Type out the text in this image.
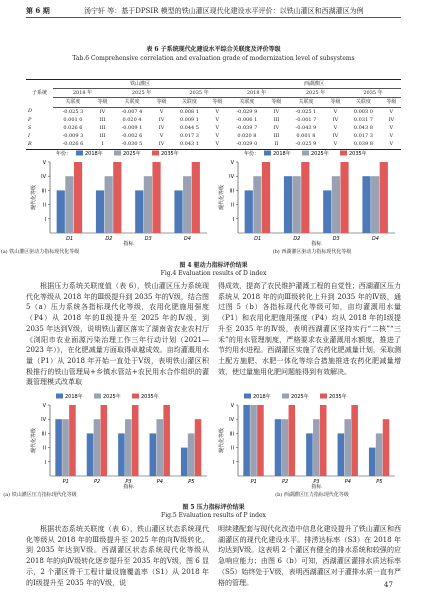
第 6 期	汤宁轩 等：基于DPSIR 模型的铁山灌区现代化建设水平评价：以铁山灌区和西湖灌区为例
表 6 子系统现代化建设水平综合关联度及评价等级
Tab.6 Comprehensive correlation and evaluation grade of modernization level of subsystems
子系统	铁山灌区						西湖灌区					
	2018 年		2025 年		2035 年		2018 年		2025 年		2035 年	
	关联度	等级	关联度	等级	关联度	等级	关联度	等级	关联度	等级	关联度	等级
D	-0.025 3	IV	-0.007 4	V	0.008 1	V	-0.029 9	IV	-0.025 1	V	0.003 0	V
P	0.001 0	III	0.020 4	IV	0.009 1	V	-0.006 1	III	-0.001 7	IV	0.031 7	IV
S	0.026 6	III	-0.009 1	IV	0.044 5	V	-0.039 7	IV	-0.043 9	V	0.043 8	V
I	-0.009 3	III	-0.002 6	V	0.017 3	V	0.020 8	III	0.001 8	IV	0.017 3	V
R	-0.026 6	I	-0.030 5	IV	0.043 1	V	-0.029 0	II	-0.025 9	V	0.039 8	V
年份：	2018年	2025年	2035年
I
II
III
IV
V
现代化等级
D1	D2	D3	D4
指标
年份：	2018年	2025年	2035年
I
II
III
IV
V
现代化等级
D1	D2	D3	D4
指标
(a) 铁山灌区驱动力指标现代化等级	(b) 西湖灌区驱动力指标现代化等级
图 4 驱动力指标评价结果
Fig.4 Evaluation results of D index

根据压力系统关联度值（表 6），铁山灌区压力系统现代化等级从 2018 年的Ⅲ级提升到 2035 年的Ⅴ级，结合图 5（a）压力系统各指标现代化等级，农用化肥施用强度（P4）从 2018 年的Ⅱ级提升至 2025 年的Ⅳ级，到 2035 年达到Ⅴ级，说明铁山灌区落实了湖南省农业农村厅《浏阳市农业面源污染治理工作三年行动计划（2021—2023 年）》，在化肥减量方面取得卓越成效。亩均灌溉用水量（P1）从 2018 年开始一直处于Ⅴ级，表明铁山灌区积极推行的铁山管理局+乡镇水管站+农民用水合作组织的灌溉管理模式改革取

得成效，提高了农民维护灌溉工程的自觉性；西湖灌区压力系统从 2018 年的向Ⅲ级转化上升到 2035 年的Ⅳ级，通过图 5（b）各指标现代化等级可知，亩均灌溉用水量（P1）和农用化肥施用强度（P4）均从 2018 年的Ⅰ级提升至 2035 年的Ⅳ级，表明西湖灌区坚持实行“二核”“三禾”的用水管理制度，严格要求农业灌溉用水额度，推进了节约用水进程。西湖灌区实施了农药化肥减量计划，采取测土配方施肥、水肥一体化等综合措施推进农药化肥减量增效，使过量施用化肥问题能得到有效解决。

2018年	2025年	2035年
I
II
III
IV
V
现代化等级
P1	P2	P3	P4	P5
指标
2018年	2025年	2035年
I
II
III
IV
V
现代化等级
P1	P2	P3	P4	P5
指标
(a) 铁山灌区压力指标现代化等级	(b) 西湖灌区压力指标现代化等级
图 5 压力指标评价结果
Fig.5 Evaluation results of P index

根据状态系统关联度（表 6），铁山灌区状态系统现代化等级从 2018 年的Ⅲ级提升至 2025 年的向Ⅳ级转化，到 2035 年达到Ⅴ级。西湖灌区状态系统现代化等级从 2018 年的向Ⅳ级转化逐步提升至 2035 年的Ⅴ级，图 6 显示，2 个灌区骨干工程计量设施覆盖率（S1）从 2018 年的Ⅰ级提升至 2035 年的Ⅴ级，说

明续建配套与现代化改造中信息化建设提升了铁山灌区和西湖灌区的现代化建设水平。排涝达标率（S3）在 2018 年均达到Ⅴ级。这表明 2 个灌区有健全的排水系统和较强的应急响应能力；由图 6（b）可知，西湖灌区灌排水质达标率（S5）始终处于Ⅴ级，表明西湖灌区对于灌排水质一直有严格的管理。	47
